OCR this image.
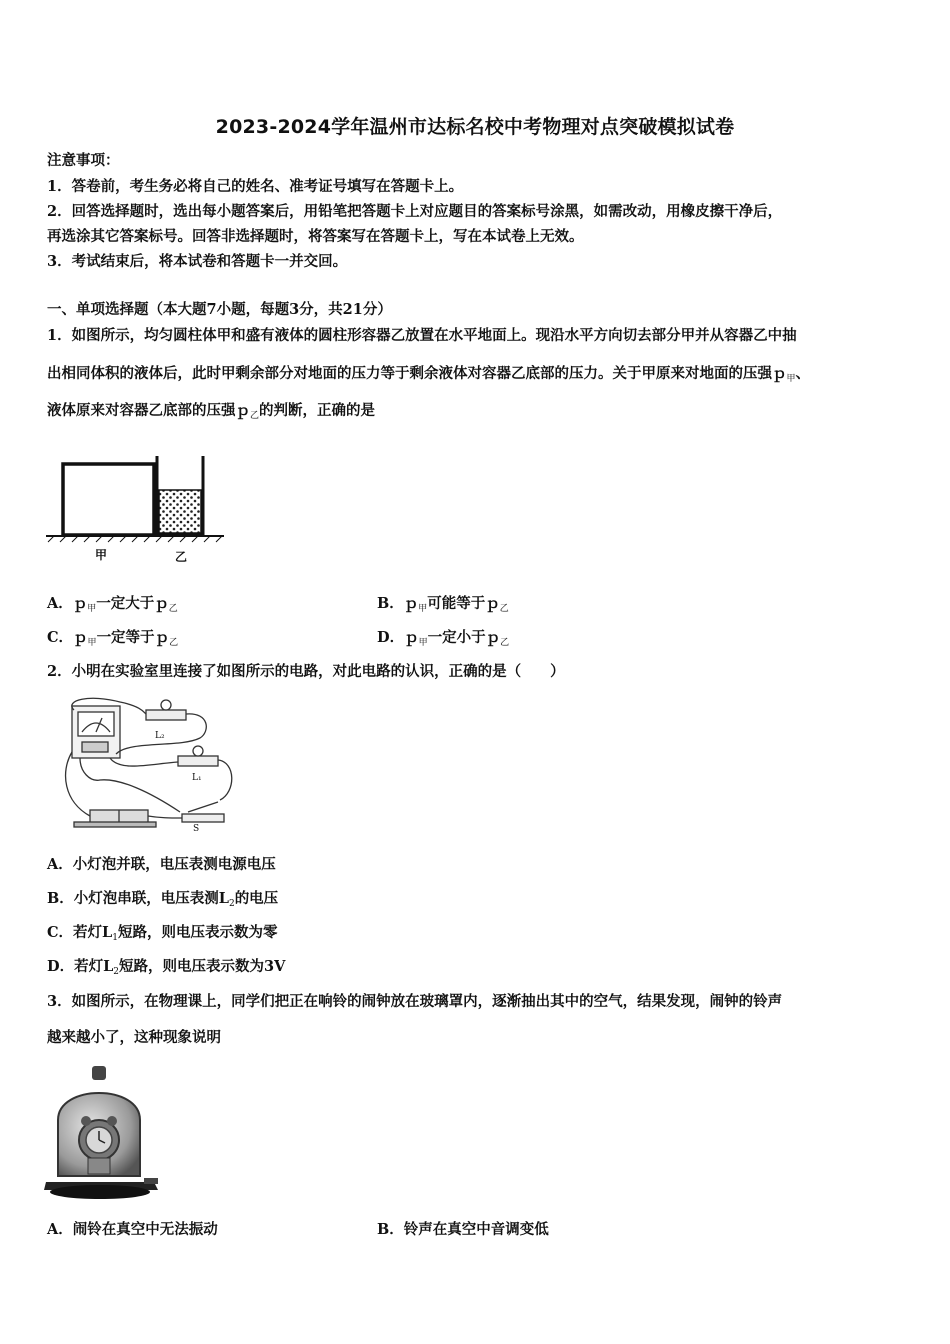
2023-2024学年温州市达标名校中考物理对点突破模拟试卷
注意事项：
1．答卷前，考生务必将自己的姓名、准考证号填写在答题卡上。
2．回答选择题时，选出每小题答案后，用铅笔把答题卡上对应题目的答案标号涂黑，如需改动，用橡皮擦干净后，
再选涂其它答案标号。回答非选择题时，将答案写在答题卡上，写在本试卷上无效。
3．考试结束后，将本试卷和答题卡一并交回。
一、单项选择题（本大题7小题，每题3分，共21分）
1．如图所示，均匀圆柱体甲和盛有液体的圆柱形容器乙放置在水平地面上。现沿水平方向切去部分甲并从容器乙中抽
出相同体积的液体后，此时甲剩余部分对地面的压力等于剩余液体对容器乙底部的压力。关于甲原来对地面的压强ｐ$_甲$、
液体原来对容器乙底部的压强ｐ$_乙$的判断，正确的是
甲	乙
A．ｐ$_甲$一定大于ｐ$_乙$	B．ｐ$_甲$可能等于ｐ$_乙$
C．ｐ$_甲$一定等于ｐ$_乙$	D．ｐ$_甲$一定小于ｐ$_乙$
2．小明在实验室里连接了如图所示的电路，对此电路的认识，正确的是（　　）
L₂
L₁
S
A．小灯泡并联，电压表测电源电压
B．小灯泡串联，电压表测$L_2$的电压
C．若灯$L_1$短路，则电压表示数为零
D．若灯$L_2$短路，则电压表示数为3V
3．如图所示，在物理课上，同学们把正在响铃的闹钟放在玻璃罩内，逐渐抽出其中的空气，结果发现，闹钟的铃声
越来越小了，这种现象说明
A．闹铃在真空中无法振动	B．铃声在真空中音调变低
